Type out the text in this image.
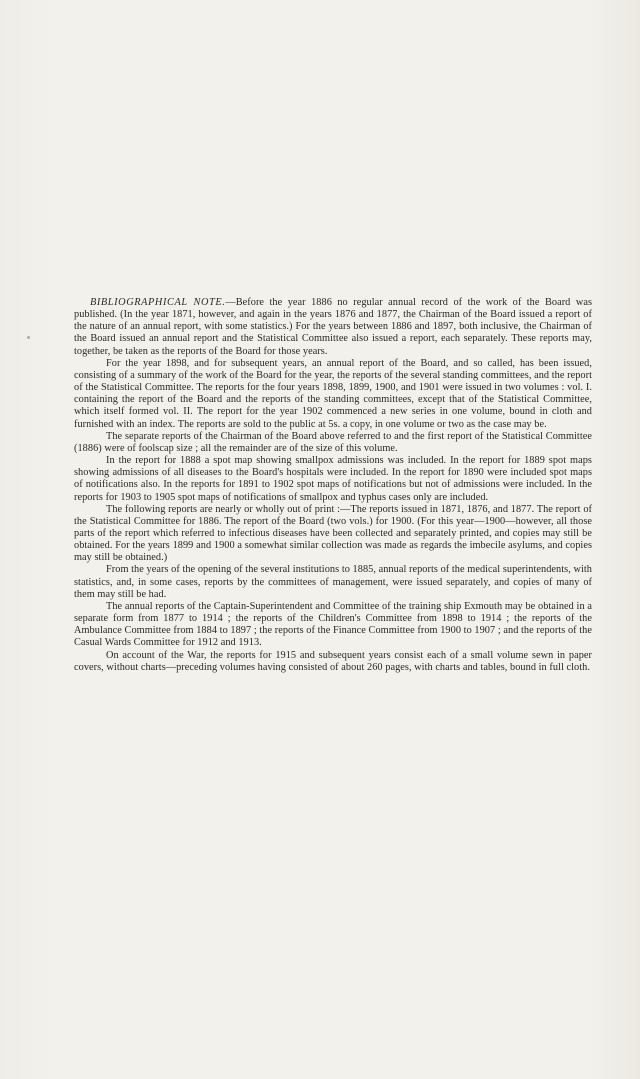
BIBLIOGRAPHICAL NOTE.—Before the year 1886 no regular annual record of the work of the Board was published. (In the year 1871, however, and again in the years 1876 and 1877, the Chairman of the Board issued a report of the nature of an annual report, with some statistics.) For the years between 1886 and 1897, both inclusive, the Chairman of the Board issued an annual report and the Statistical Committee also issued a report, each separately. These reports may, together, be taken as the reports of the Board for those years.

For the year 1898, and for subsequent years, an annual report of the Board, and so called, has been issued, consisting of a summary of the work of the Board for the year, the reports of the several standing committees, and the report of the Statistical Committee. The reports for the four years 1898, 1899, 1900, and 1901 were issued in two volumes : vol. I. containing the report of the Board and the reports of the standing committees, except that of the Statistical Committee, which itself formed vol. II. The report for the year 1902 commenced a new series in one volume, bound in cloth and furnished with an index. The reports are sold to the public at 5s. a copy, in one volume or two as the case may be.

The separate reports of the Chairman of the Board above referred to and the first report of the Statistical Committee (1886) were of foolscap size ; all the remainder are of the size of this volume.

In the report for 1888 a spot map showing smallpox admissions was included. In the report for 1889 spot maps showing admissions of all diseases to the Board's hospitals were included. In the report for 1890 were included spot maps of notifications also. In the reports for 1891 to 1902 spot maps of notifications but not of admissions were included. In the reports for 1903 to 1905 spot maps of notifications of smallpox and typhus cases only are included.

The following reports are nearly or wholly out of print :—The reports issued in 1871, 1876, and 1877. The report of the Statistical Committee for 1886. The report of the Board (two vols.) for 1900. (For this year—1900—however, all those parts of the report which referred to infectious diseases have been collected and separately printed, and copies may still be obtained. For the years 1899 and 1900 a somewhat similar collection was made as regards the imbecile asylums, and copies may still be obtained.)

From the years of the opening of the several institutions to 1885, annual reports of the medical superintendents, with statistics, and, in some cases, reports by the committees of management, were issued separately, and copies of many of them may still be had.

The annual reports of the Captain-Superintendent and Committee of the training ship Exmouth may be obtained in a separate form from 1877 to 1914 ; the reports of the Children's Committee from 1898 to 1914 ; the reports of the Ambulance Committee from 1884 to 1897 ; the reports of the Finance Committee from 1900 to 1907 ; and the reports of the Casual Wards Committee for 1912 and 1913.

On account of the War, the reports for 1915 and subsequent years consist each of a small volume sewn in paper covers, without charts—preceding volumes having consisted of about 260 pages, with charts and tables, bound in full cloth.
